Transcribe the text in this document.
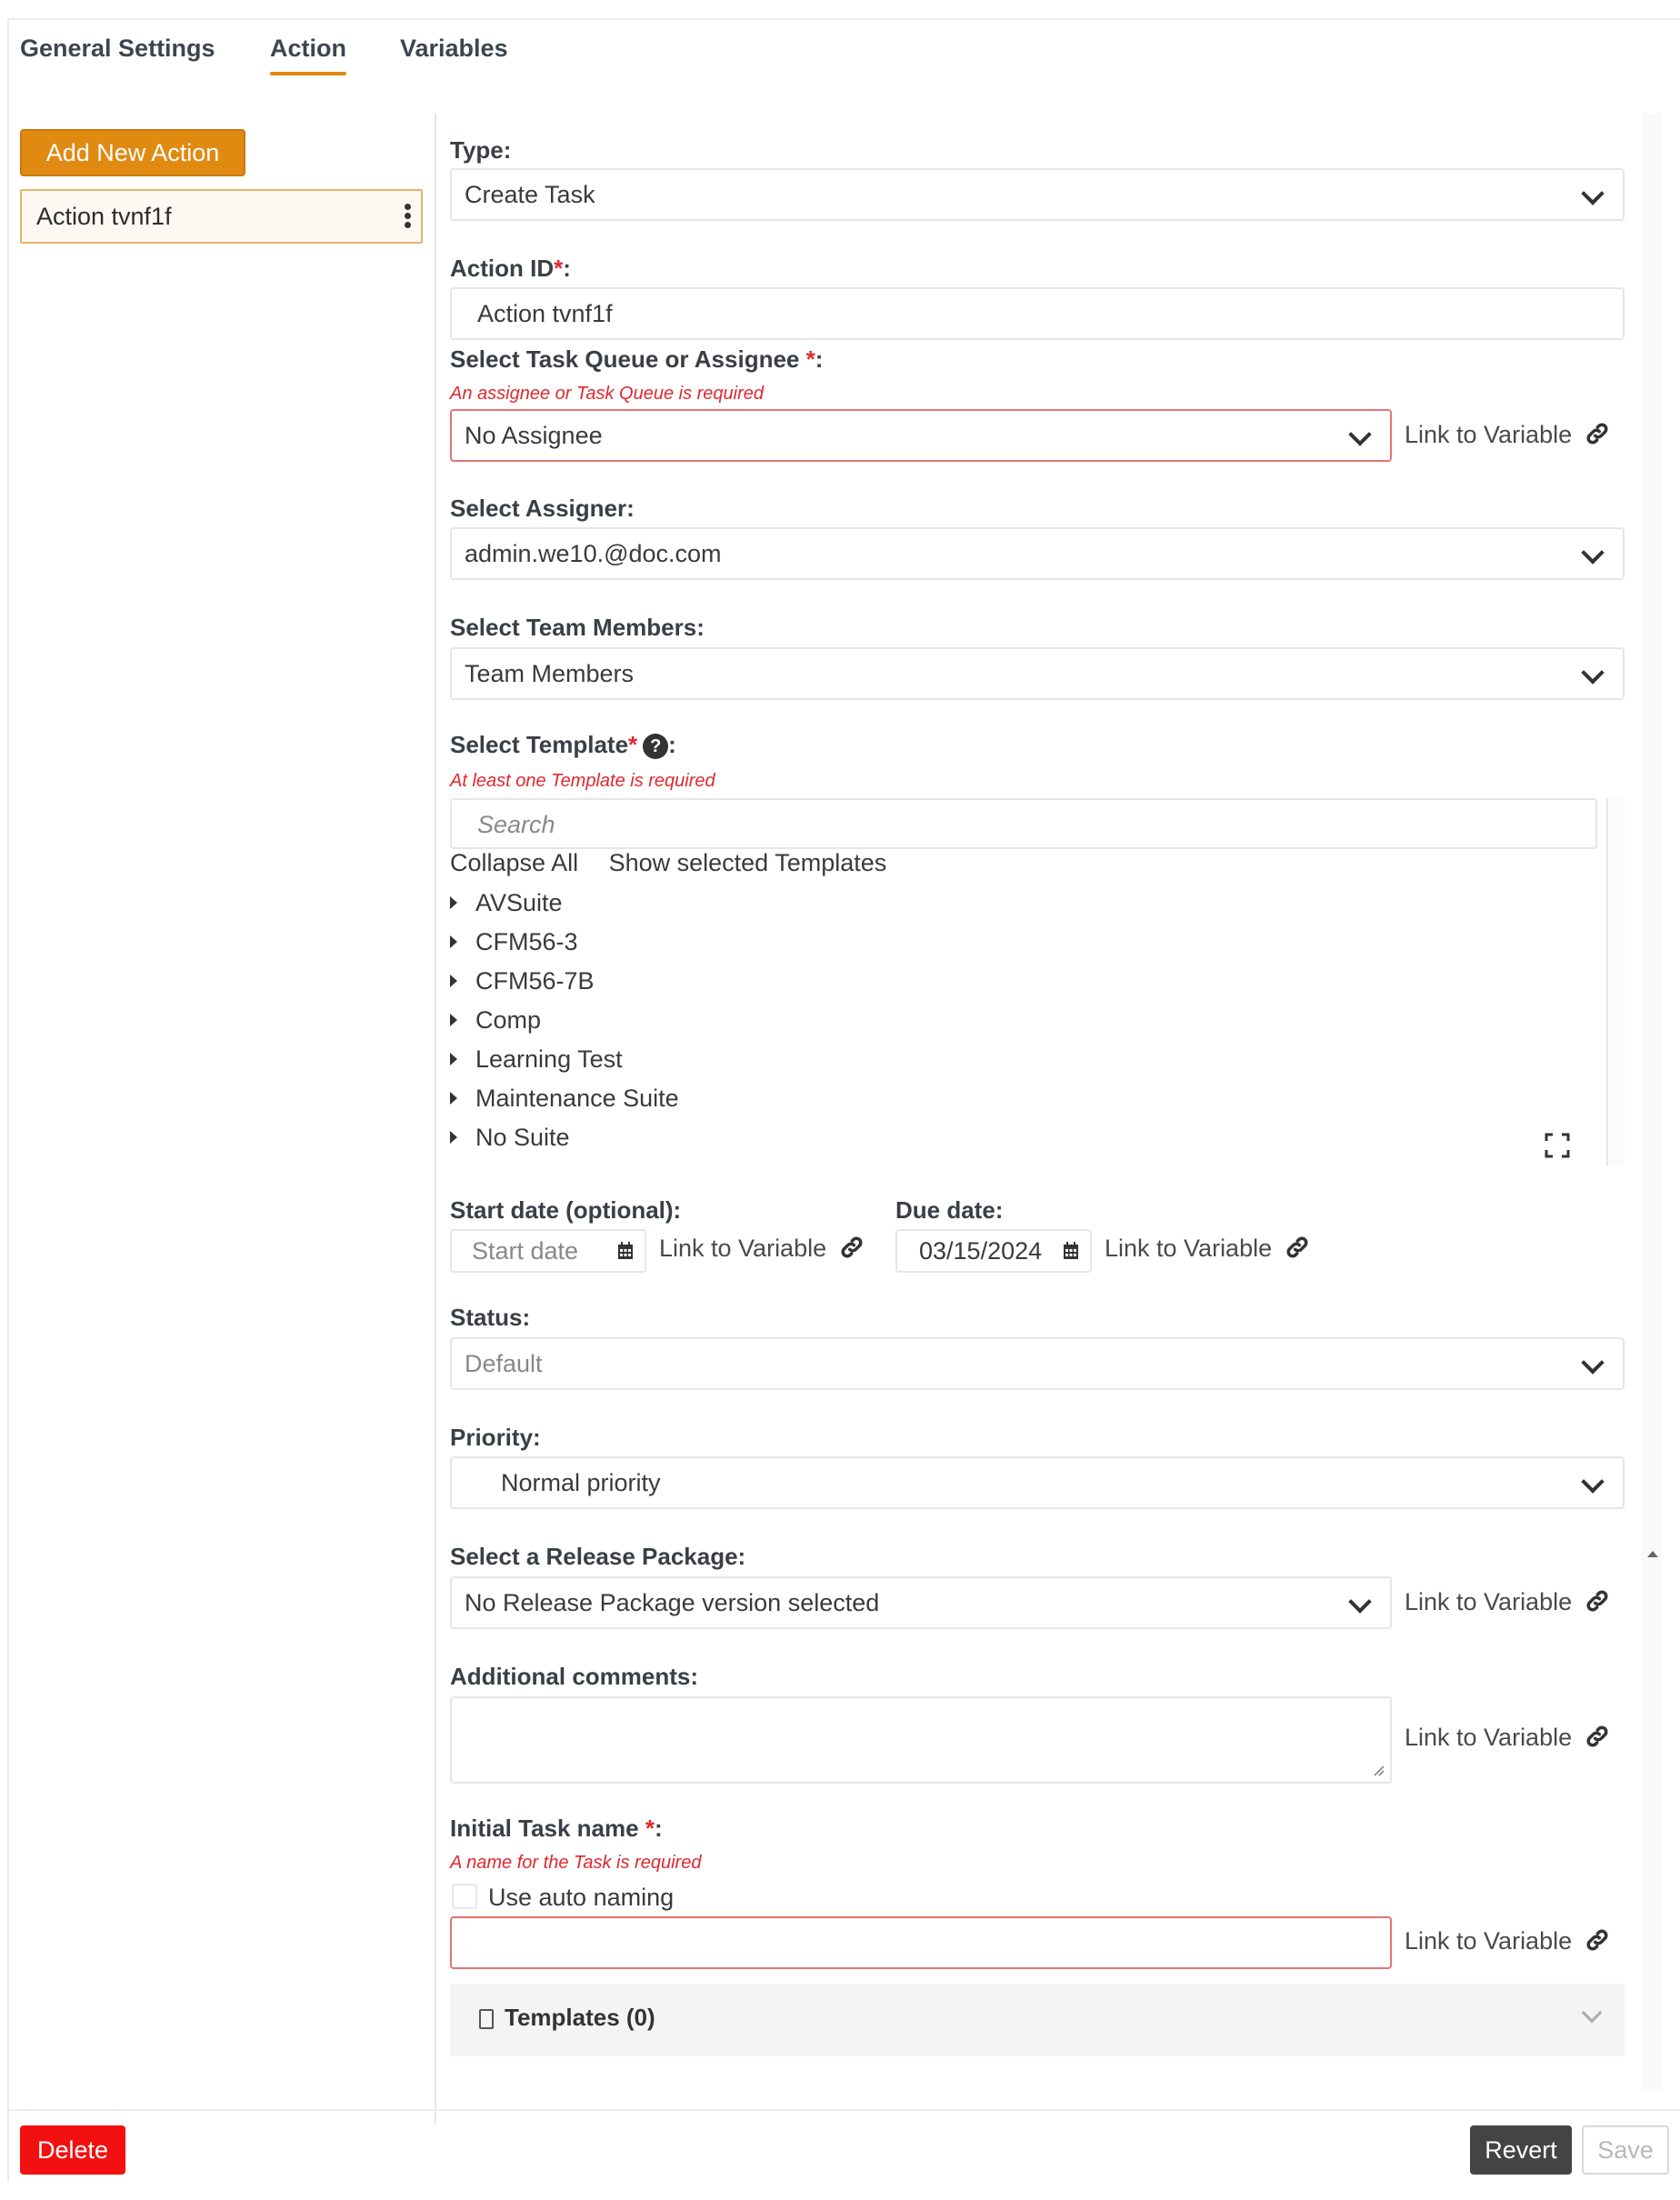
General Settings Action Variables
Add New Action
Action tvnf1f
Type:
Create Task
Action ID*:
Action tvnf1f
Select Task Queue or Assignee *:
An assignee or Task Queue is required
No Assignee	Link to Variable
Select Assigner:
admin.we10.@doc.com
Select Team Members:
Team Members
Select Template* ? :
At least one Template is required
Search
Collapse All Show selected Templates
AVSuite
CFM56-3
CFM56-7B
Comp
Learning Test
Maintenance Suite
No Suite
Start date (optional):
Start date	Link to Variable
Due date:
03/15/2024	Link to Variable
Status:
Default
Priority:
Normal priority
Select a Release Package:
No Release Package version selected	Link to Variable
Additional comments:
Link to Variable
Initial Task name *:
A name for the Task is required
Use auto naming
Link to Variable
Templates (0)
Delete	Revert	Save
